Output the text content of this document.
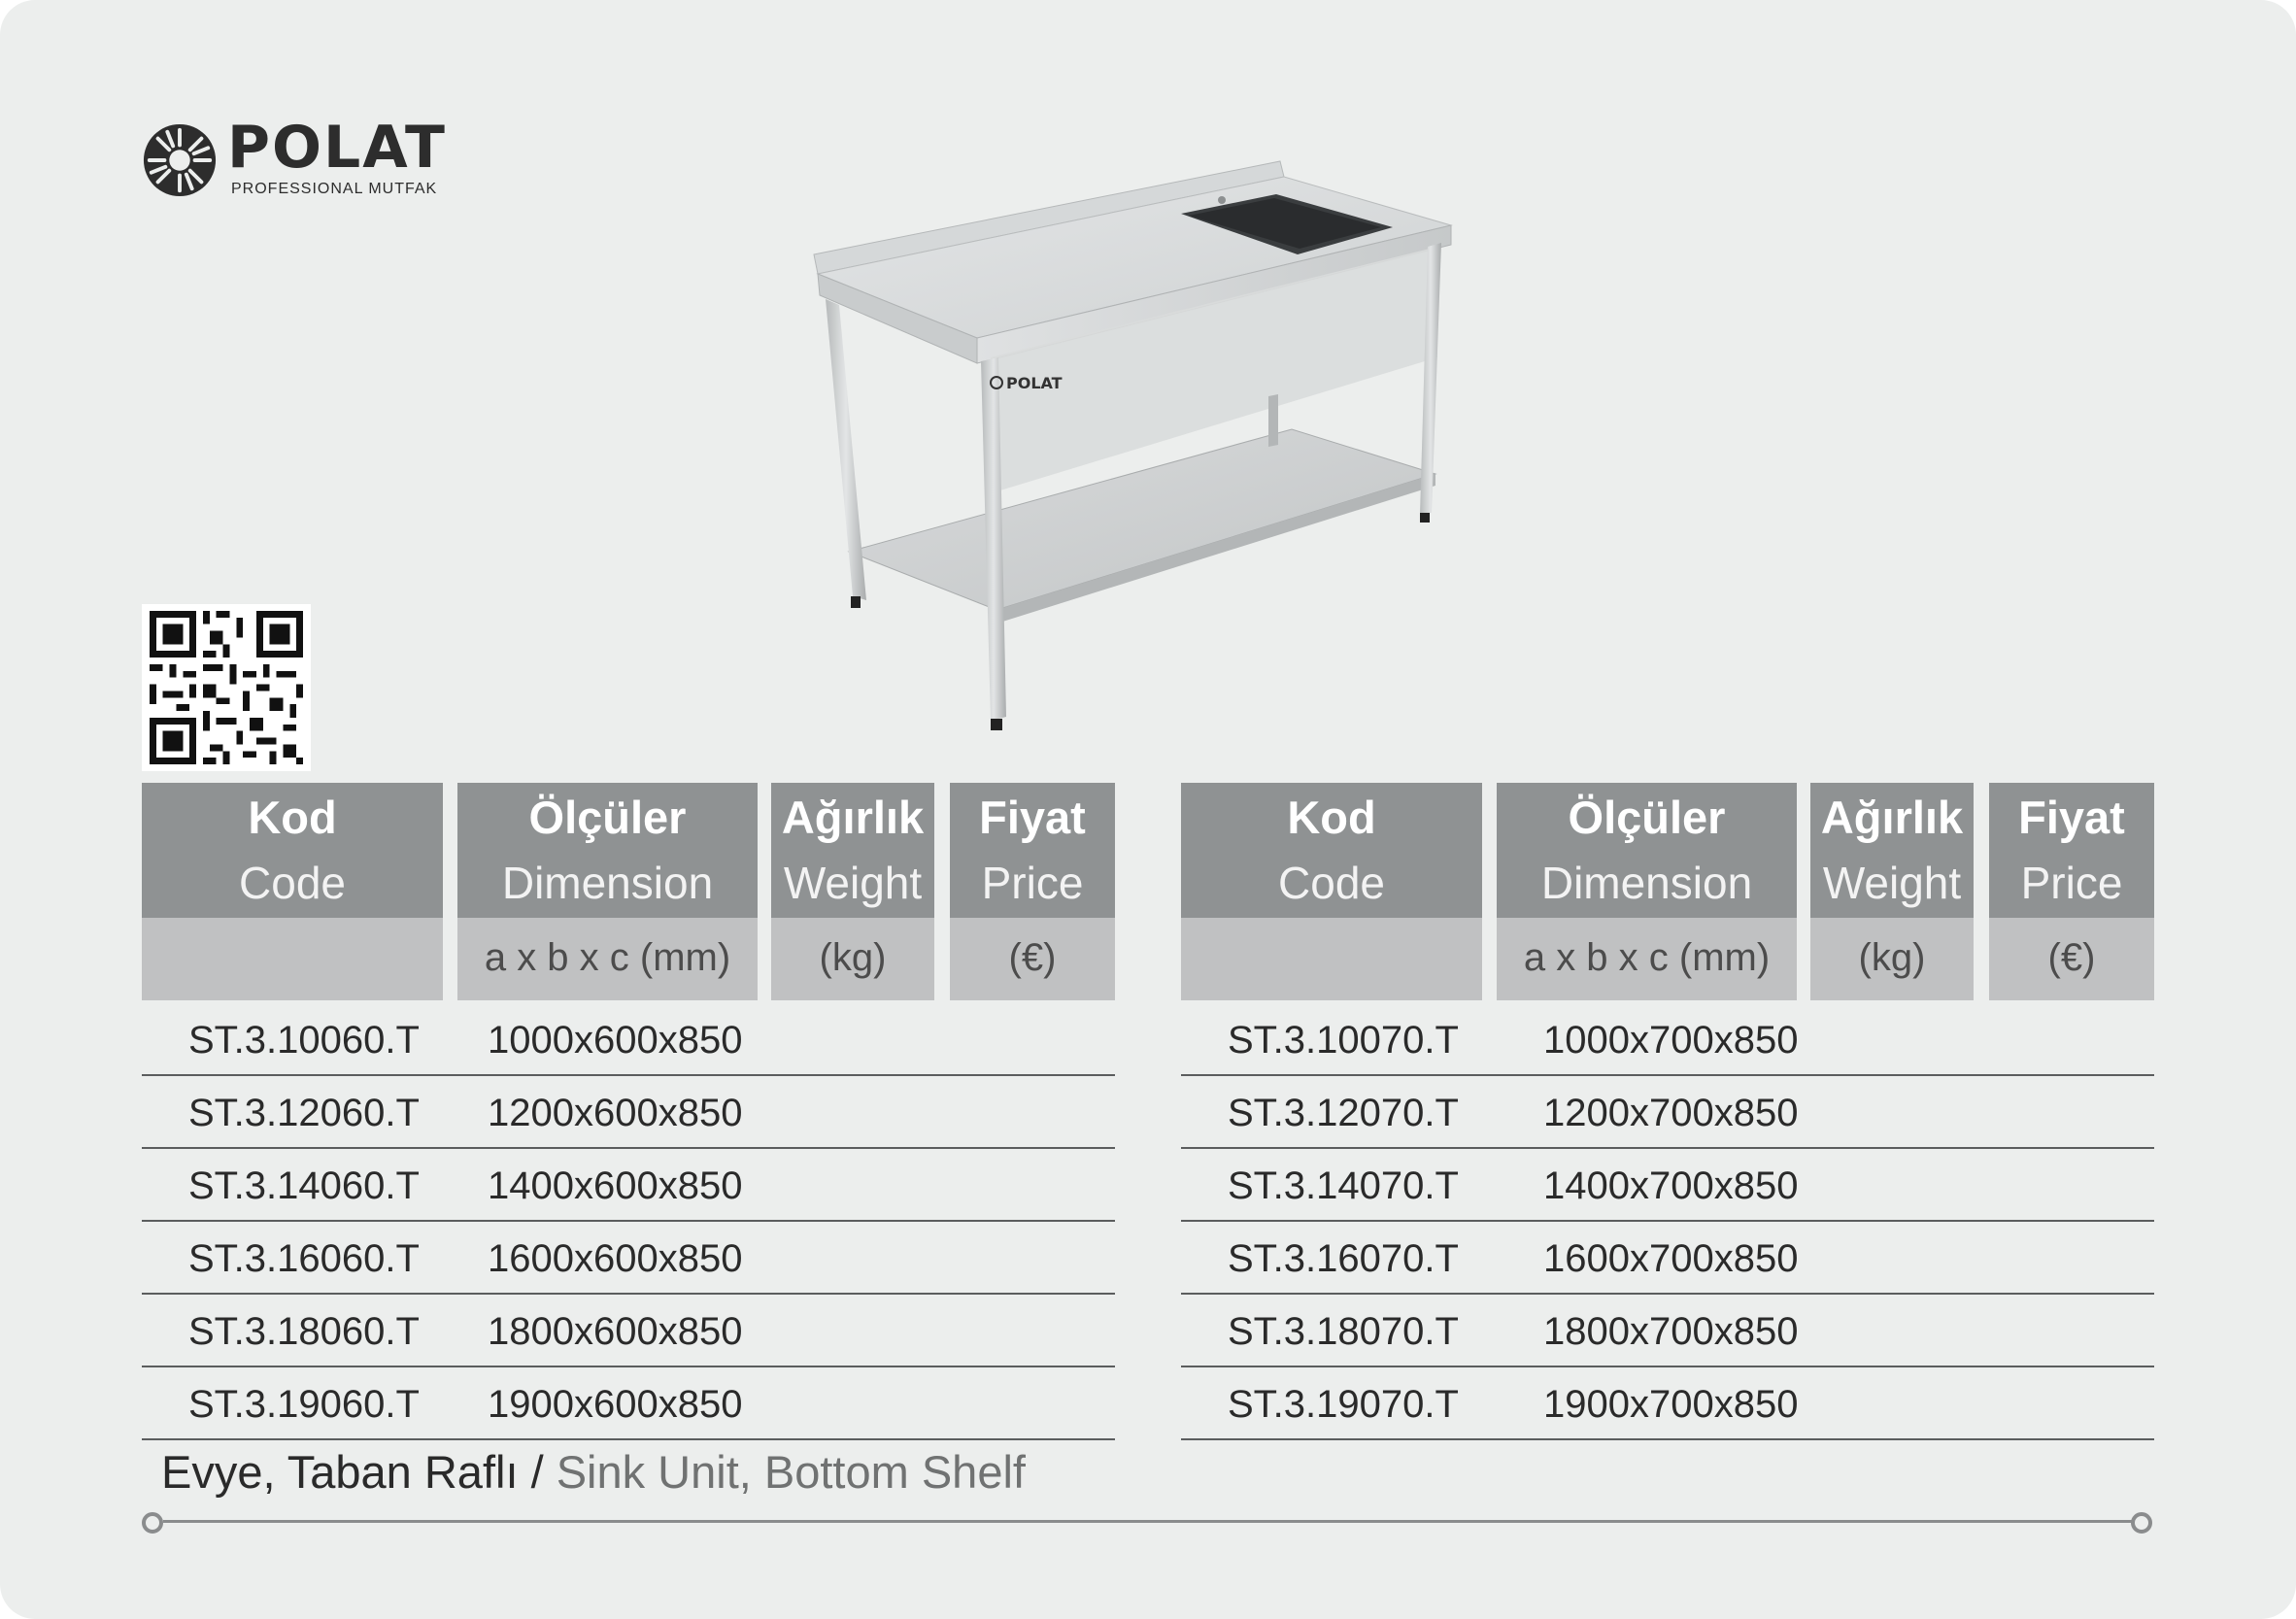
POLAT
PROFESSIONAL MUTFAK
POLAT
Kod
Code
Ölçüler
Dimension
a x b x c (mm)
Ağırlık
Weight
(kg)
Fiyat
Price
(€)
ST.3.10060.T 1000x600x850
ST.3.12060.T 1200x600x850
ST.3.14060.T 1400x600x850
ST.3.16060.T 1600x600x850
ST.3.18060.T 1800x600x850
ST.3.19060.T 1900x600x850
Kod
Code
Ölçüler
Dimension
a x b x c (mm)
Ağırlık
Weight
(kg)
Fiyat
Price
(€)
ST.3.10070.T 1000x700x850
ST.3.12070.T 1200x700x850
ST.3.14070.T 1400x700x850
ST.3.16070.T 1600x700x850
ST.3.18070.T 1800x700x850
ST.3.19070.T 1900x700x850
Evye, Taban Raflı / Sink Unit, Bottom Shelf
